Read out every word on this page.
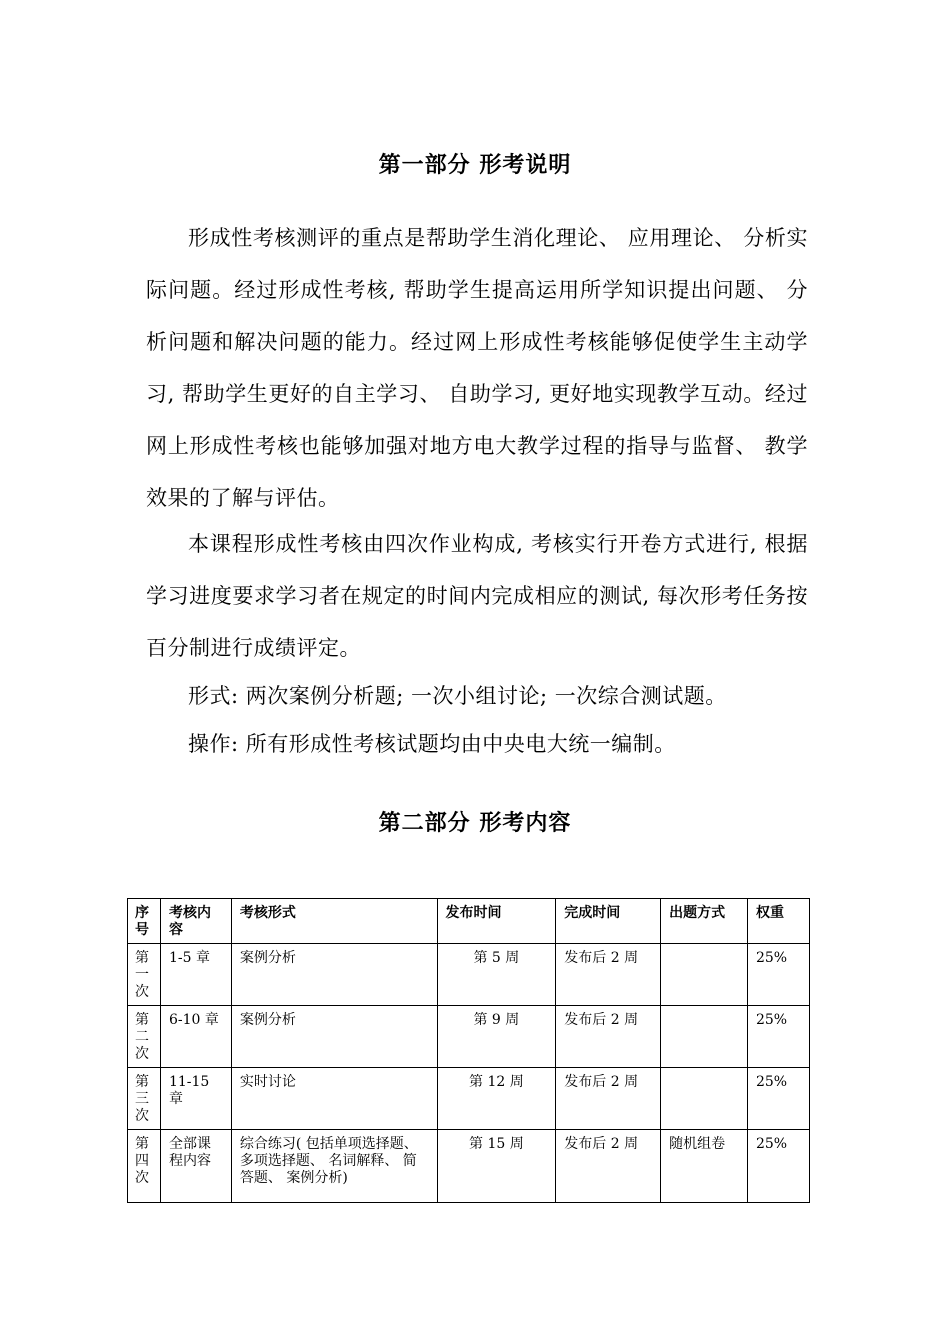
第一部分 形考说明

形成性考核测评的重点是帮助学生消化理论、 应用理论、 分析实际问题。经过形成性考核, 帮助学生提高运用所学知识提出问题、 分析问题和解决问题的能力。经过网上形成性考核能够促使学生主动学习, 帮助学生更好的自主学习、 自助学习, 更好地实现教学互动。经过网上形成性考核也能够加强对地方电大教学过程的指导与监督、 教学效果的了解与评估。

本课程形成性考核由四次作业构成, 考核实行开卷方式进行, 根据学习进度要求学习者在规定的时间内完成相应的测试, 每次形考任务按百分制进行成绩评定。

形式: 两次案例分析题; 一次小组讨论; 一次综合测试题。

操作: 所有形成性考核试题均由中央电大统一编制。

第二部分 形考内容
序号	考核内容	考核形式	发布时间	完成时间	出题方式	权重
第一次	1-5 章	案例分析	第 5 周	发布后 2 周		25%
第二次	6-10 章	案例分析	第 9 周	发布后 2 周		25%
第三次	11-15 章	实时讨论	第 12 周	发布后 2 周		25%
第四次	全部课程内容	综合练习( 包括单项选择题、 多项选择题、 名词解释、 简答题、 案例分析)	第 15 周	发布后 2 周	随机组卷	25%
